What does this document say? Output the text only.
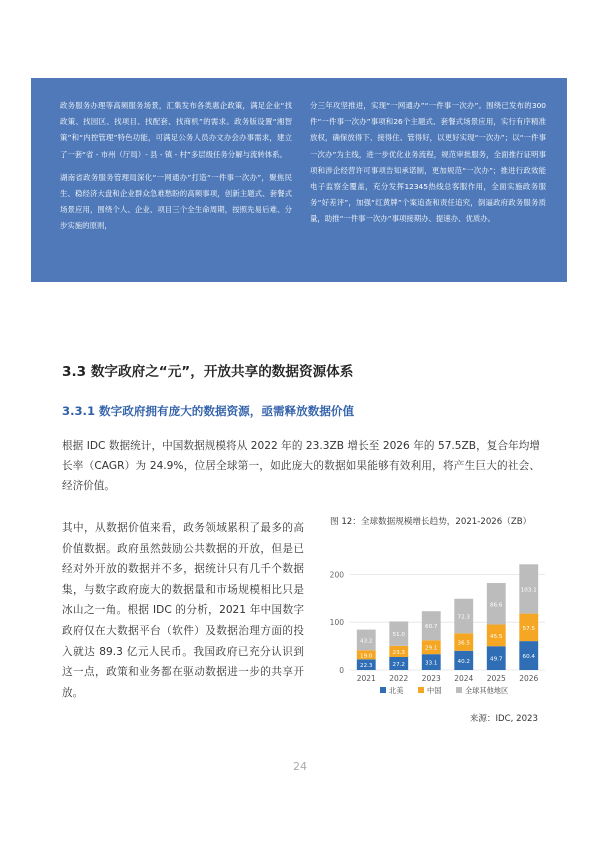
政务服务办理等高频服务场景，汇集发布各类惠企政策，满足企业“找政策、找园区、找项目、找配套、找商机”的需求。政务版设置“湘智策”和“内控管理”特色功能，可满足公务人员办文办会办事需求，建立了一套“省 - 市州（厅局）- 县 - 镇 - 村”多层级任务分解与流转体系。

湖南省政务服务管理局深化“一网通办”打造“一件事一次办”，聚焦民生、稳经济大盘和企业群众急难愁盼的高频事项，创新主题式、套餐式场景应用，围绕个人、企业、项目三个全生命周期，按照先易后难、分步实施的原则，

分三年攻坚推进，实现“一网通办”“一件事一次办”。围绕已发布的300件“一件事一次办”事项和26个主题式、套餐式场景应用，实行有序精准放权，确保放得下、接得住、管得好，以更好实现“一次办”；以“一件事一次办”为主线，进一步优化业务流程，规范审批服务，全面推行证明事项和涉企经营许可事项告知承诺制，更加规范“一次办”；推进行政效能电子监察全覆盖，充分发挥12345热线总客服作用，全面实施政务服务“好差评”，加强“红黄牌”个案追查和责任追究，倒逼政府政务服务质量，助推“一件事一次办”事项接期办、提速办、优质办。

3.3 数字政府之“元”，开放共享的数据资源体系
3.3.1 数字政府拥有庞大的数据资源，亟需释放数据价值

根据 IDC 数据统计，中国数据规模将从 2022 年的 23.3ZB 增长至 2026 年的 57.5ZB，复合年均增长率（CAGR）为 24.9%，位居全球第一，如此庞大的数据如果能够有效利用，将产生巨大的社会、经济价值。

其中，从数据价值来看，政务领域累积了最多的高价值数据。政府虽然鼓励公共数据的开放，但是已经对外开放的数据并不多，据统计只有几千个数据集，与数字政府庞大的数据量和市场规模相比只是冰山之一角。根据 IDC 的分析，2021 年中国数字政府仅在大数据平台（软件）及数据治理方面的投入就达 89.3 亿元人民币。我国政府已充分认识到这一点，政策和业务都在驱动数据进一步的共享开放。

图 12：全球数据规模增长趋势，2021-2026（ZB）
0
100
200
22.3
19.0
43.2
2021
27.2
23.3
51.0
2022
33.1
29.1
60.7
2023
40.2
36.5
72.3
2024
49.7
45.5
86.6
2025
60.4
57.5
103.1
2026
北美	中国	全球其他地区
来源：IDC, 2023
24
